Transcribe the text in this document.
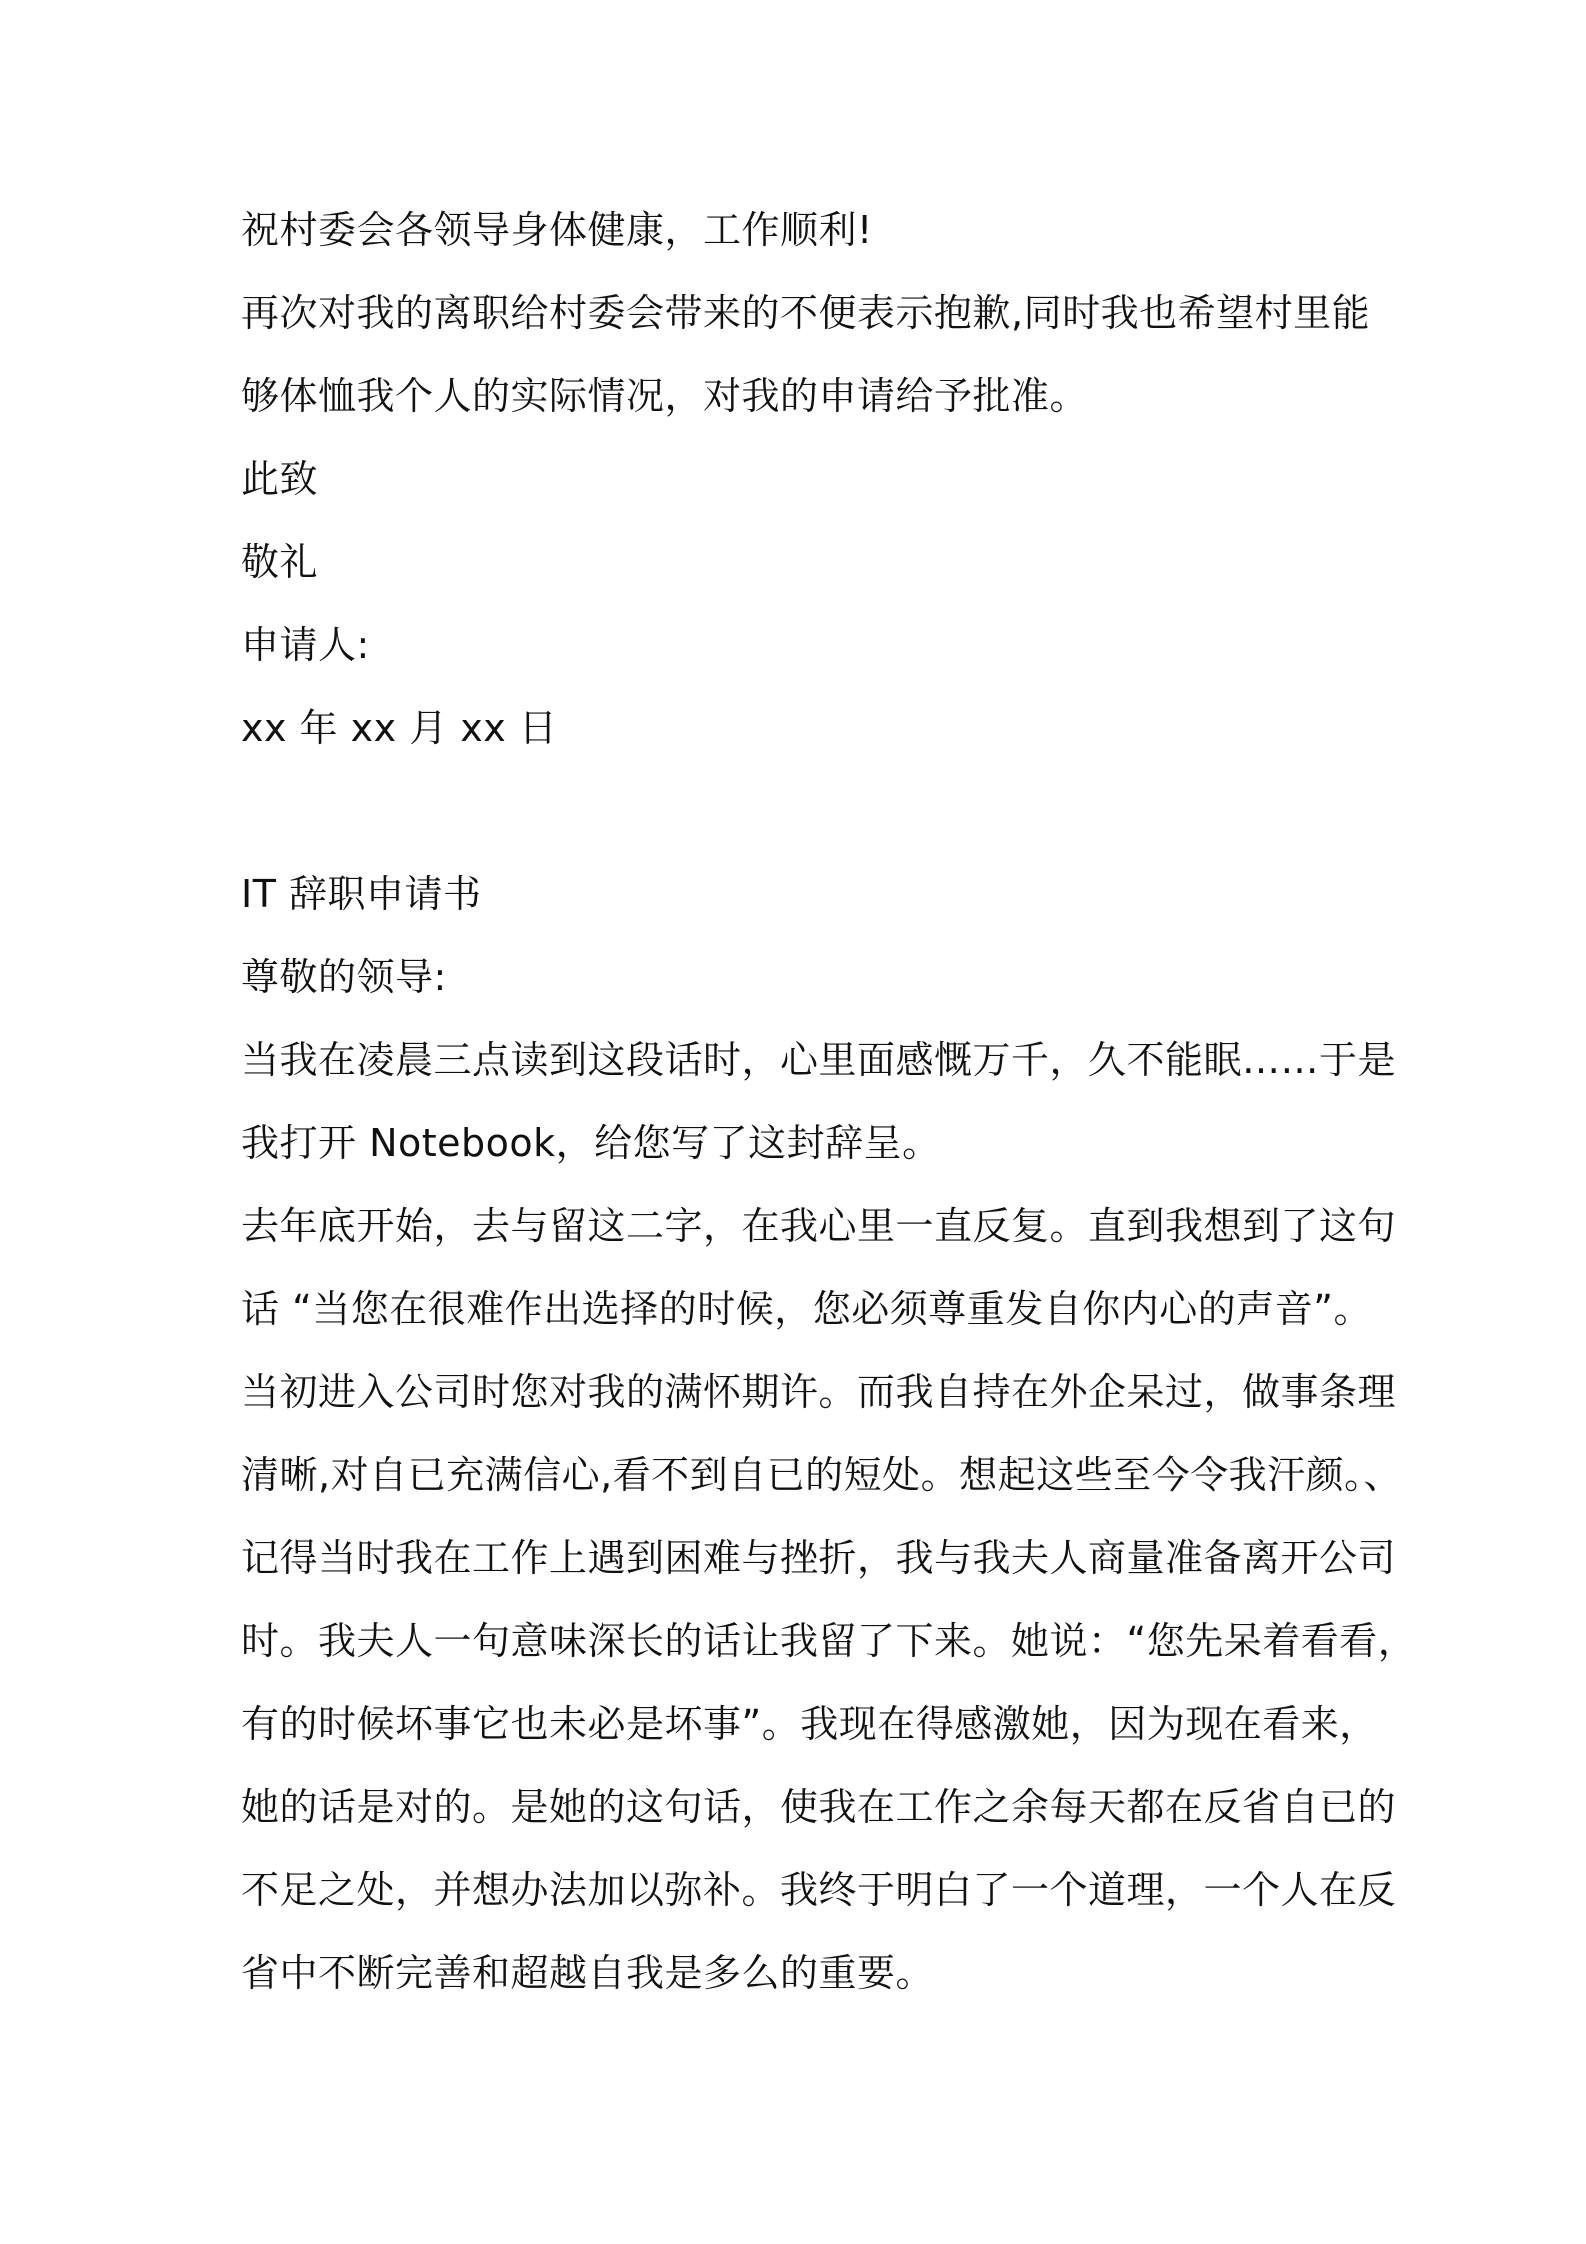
祝村委会各领导身体健康，工作顺利!
再次对我的离职给村委会带来的不便表示抱歉,同时我也希望村里能
够体恤我个人的实际情况，对我的申请给予批准。
此致
敬礼
申请人:
xx 年 xx 月 xx 日
IT 辞职申请书
尊敬的领导:
当我在凌晨三点读到这段话时，心里面感慨万千，久不能眠……于是
我打开 Notebook，给您写了这封辞呈。
去年底开始，去与留这二字，在我心里一直反复。直到我想到了这句
话 “当您在很难作出选择的时候，您必须尊重发自你内心的声音”。
当初进入公司时您对我的满怀期许。而我自持在外企呆过，做事条理
清晰,对自已充满信心,看不到自已的短处。想起这些至今令我汗颜。、
记得当时我在工作上遇到困难与挫折，我与我夫人商量准备离开公司
时。我夫人一句意味深长的话让我留了下来。她说：“您先呆着看看，
有的时候坏事它也未必是坏事”。我现在得感激她，因为现在看来，
她的话是对的。是她的这句话，使我在工作之余每天都在反省自已的
不足之处，并想办法加以弥补。我终于明白了一个道理，一个人在反
省中不断完善和超越自我是多么的重要。
